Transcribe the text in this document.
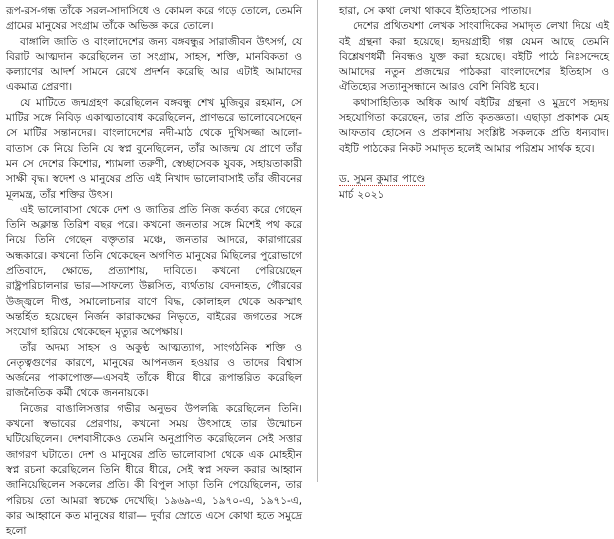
রূপ-রস-গন্ধ তাঁকে সরল-সাদাসিধে ও কোমল করে গড়ে তোলে, তেমনি গ্রামের মানুষের সংগ্রাম তাঁকে অভিজ্ঞ করে তোলে।

বাঙ্গালি জাতি ও বাংলাদেশের জন্য বঙ্গবন্ধুর সারাজীবন উৎসর্গ, যে বিরাট আত্মদান করেছিলেন তা সংগ্রাম, সাহস, শক্তি, মানবিকতা ও কল্যাণের আদর্শ সামনে রেখে প্রদর্শন করেছি আর এটাই আমাদের একমাত্র প্রেরণা।

যে মাটিতে জন্মগ্রহণ করেছিলেন বঙ্গবন্ধু শেখ মুজিবুর রহমান, সে মাটির সঙ্গে নিবিড় একাত্মতাবোধ করেছিলেন, প্রাণভরে ভালোবেসেছেন সে মাটির সন্তানদের। বাংলাদেশের নদী-মাঠ থেকে দুখিসজ্জা আলো-বাতাস কে নিয়ে তিনি যে স্বপ্ন বুনেছিলেন, তাঁর আজন্ম যে প্রাণে তাঁর মন সে দেশের কিশোর, শ্যামলা তরুণী, স্বেচ্ছাসেবক যুবক, সহায়তাকারী সাক্ষী বৃদ্ধ। স্বদেশ ও মানুষের প্রতি এই নিখাদ ভালোবাসাই তাঁর জীবনের মূলমন্ত্র, তাঁর শক্তির উৎস।

এই ভালোবাসা থেকে দেশ ও জাতির প্রতি নিজ কর্তব্য করে গেছেন তিনি অক্লান্ত তিরিশ বছর পরে। কখনো জনতার সঙ্গে মিশেই পথ করে নিয়ে তিনি গেছেন বক্তৃতার মঞ্চে, জনতার আদরে, কারাগারের অন্ধকারে। কখনো তিনি থেকেছেন অগণিত মানুষের মিছিলের পুরোভাগে প্রতিবাদে, ক্ষোভে, প্রত্যাশায়, দাবিতে। কখনো পেরিয়েছেন রাষ্ট্রপরিচালনার ভার—সাফল্যে উল্লসিত, ব্যর্থতায় বেদনাহত, গৌরবের উজ্জ্বলে দীপ্ত, সমালোচনার বাণে বিদ্ধ, কোলাহল থেকে অকস্মাৎ অন্তর্হিত হয়েছেন নির্জন কারাকক্ষের নিভৃতে, বাইরের জগতের সঙ্গে সংযোগ হারিয়ে থেকেছেন মৃত্যুর অপেক্ষায়।

তাঁর অদম্য সাহস ও অকুণ্ঠ আত্মত্যাগ, সাংগঠনিক শক্তি ও নেতৃত্বগুণের কারণে, মানুষের আপনজন হওয়ার ও তাদের বিশ্বাস অর্জনের পাকাপোক্ত—এসবই তাঁকে ধীরে ধীরে রূপান্তরিত করেছিল রাজনৈতিক কর্মী থেকে জননায়কে।

নিজের বাঙালিসত্তার গভীর অনুভব উপলব্ধি করেছিলেন তিনি। কখনো স্বভাবের প্রেরণায়, কখনো সময় উৎসাহে তার উন্মোচন ঘটিয়েছিলেন। দেশবাসীকেও তেমনি অনুপ্রাণিত করেছিলেন সেই সত্তার জাগরণ ঘটাতে। দেশ ও মানুষের প্রতি ভালোবাসা থেকে এক মোহহীন স্বপ্ন রচনা করেছিলেন তিনি ধীরে ধীরে, সেই স্বপ্ন সফল করার আহ্বান জানিয়েছিলেন সকলের প্রতি। কী বিপুল সাড়া তিনি পেয়েছিলেন, তার পরিচয় তো আমরা স্বচক্ষে দেখেছি। ১৯৬৯-এ, ১৯৭০-এ, ১৯৭১-এ, কার আহ্বানে কত মানুষের ধারা— দুর্বার স্রোতে এসে কোথা হতে সমুদ্রে হলো

হারা, সে কথা লেখা থাকবে ইতিহাসের পাতায়।

দেশের প্রথিতযশা লেখক সাংবাদিকের সমাদৃত লেখা দিয়ে এই বই গ্রন্থনা করা হয়েছে। হৃদয়গ্রাহী গল্প যেমন আছে তেমনি বিশ্লেষণধর্মী নিবন্ধও যুক্ত করা হয়েছে। বইটি পাঠে নিঃসন্দেহে আমাদের নতুন প্রজন্মের পাঠকরা বাংলাদেশের ইতিহাস ও ঐতিহ্যের সত্যানুসন্ধানে আরও বেশি নিবিষ্ট হবে।

কথাসাহিত্যিক অধিক আর্থ বইটির গ্রন্থনা ও মুদ্রণে সহৃদয় সহযোগিতা করেছেন, তার প্রতি কৃতজ্ঞতা। এছাড়া প্রকাশক মেহ আফতাব হোসেন ও প্রকাশনায় সংশ্লিষ্ট সকলকে প্রতি ধন্যবাদ। বইটি পাঠকের নিকট সমাদৃত হলেই আমার পরিশ্রম সার্থক হবে।

ড. সুমন কুমার পাণ্ডে

মার্চ ২০২১
